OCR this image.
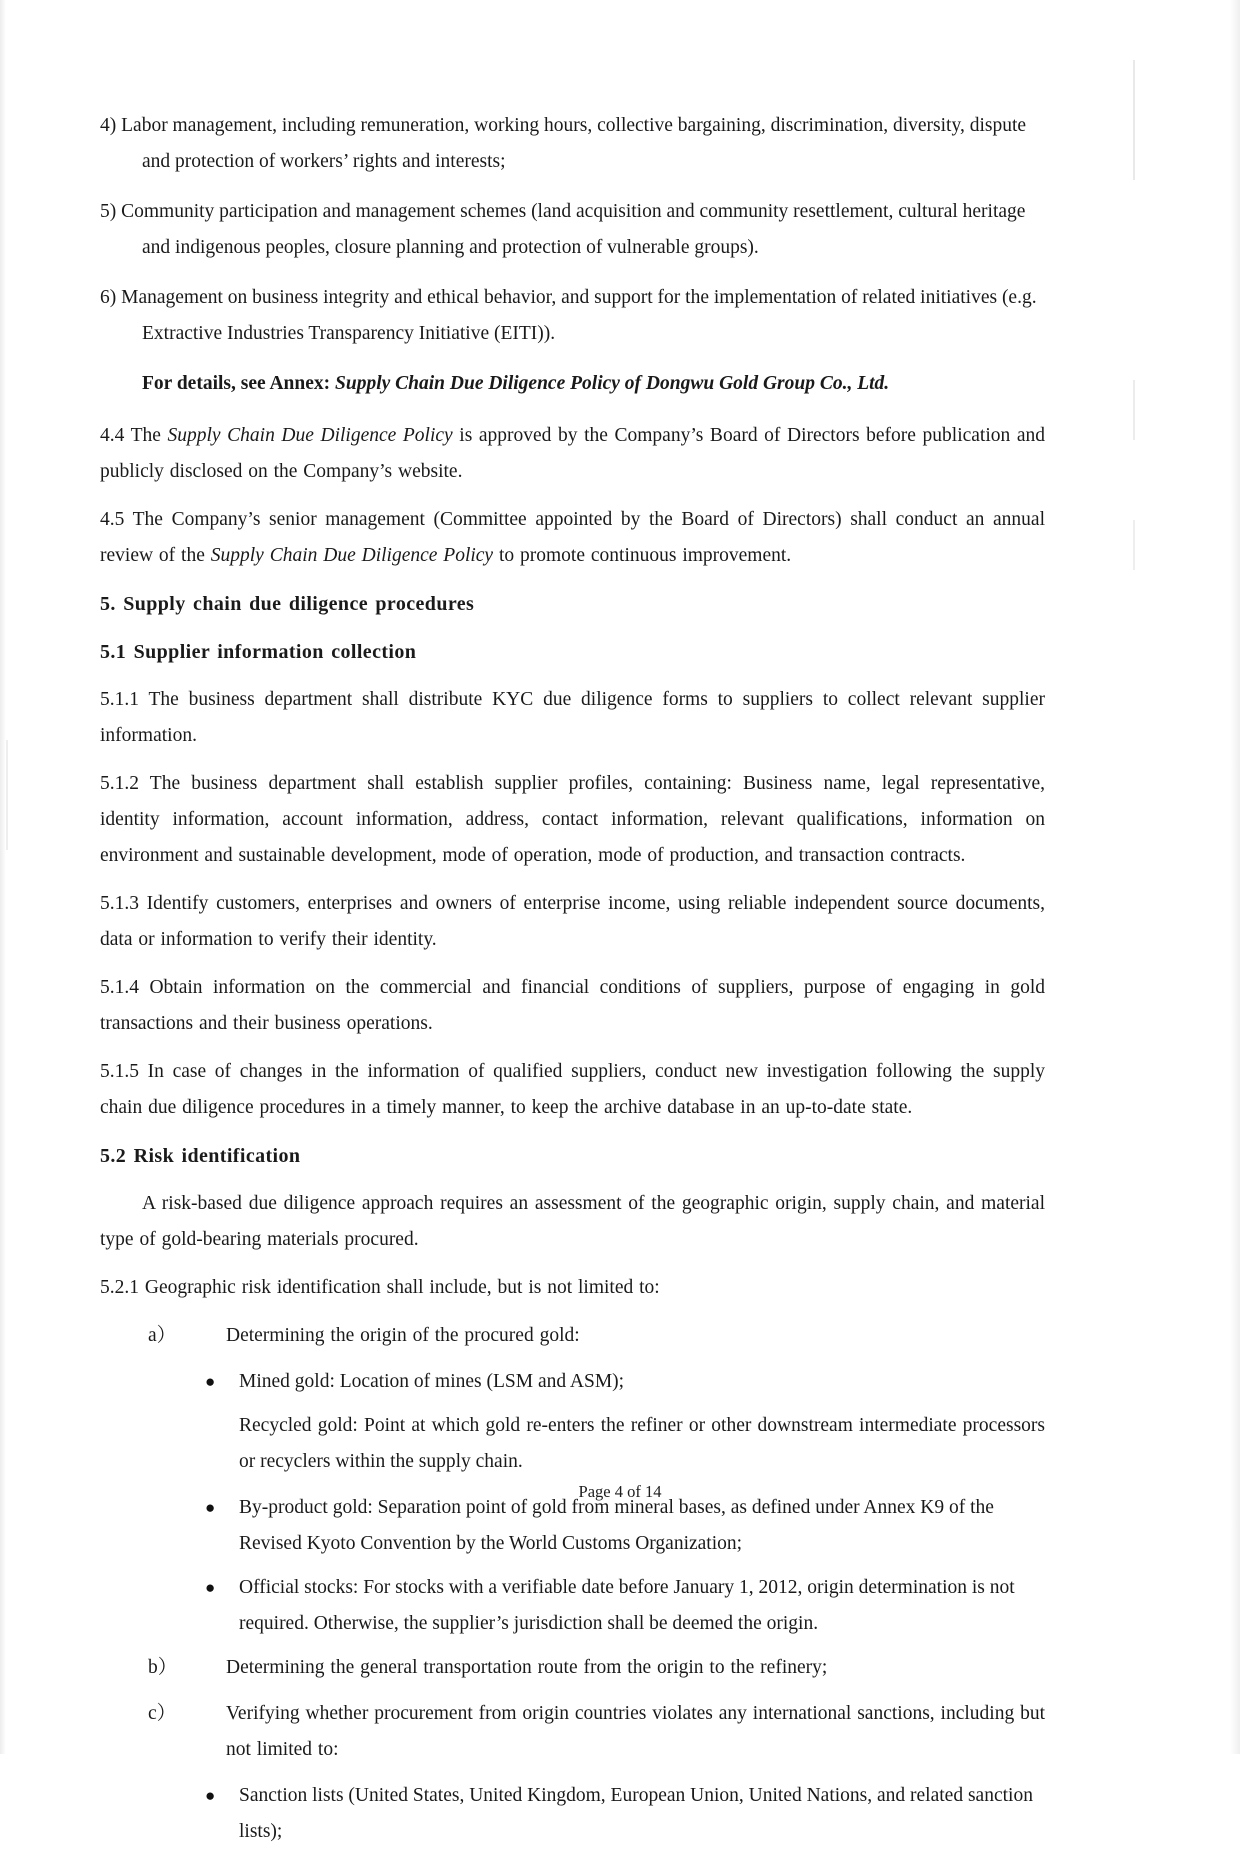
4) Labor management, including remuneration, working hours, collective bargaining, discrimination, diversity, dispute and protection of workers’ rights and interests;

5) Community participation and management schemes (land acquisition and community resettlement, cultural heritage and indigenous peoples, closure planning and protection of vulnerable groups).

6) Management on business integrity and ethical behavior, and support for the implementation of related initiatives (e.g. Extractive Industries Transparency Initiative (EITI)).

For details, see Annex: Supply Chain Due Diligence Policy of Dongwu Gold Group Co., Ltd.

4.4 The Supply Chain Due Diligence Policy is approved by the Company’s Board of Directors before publication and publicly disclosed on the Company’s website.

4.5 The Company’s senior management (Committee appointed by the Board of Directors) shall conduct an annual review of the Supply Chain Due Diligence Policy to promote continuous improvement.

5. Supply chain due diligence procedures

5.1 Supplier information collection

5.1.1 The business department shall distribute KYC due diligence forms to suppliers to collect relevant supplier information.

5.1.2 The business department shall establish supplier profiles, containing: Business name, legal representative, identity information, account information, address, contact information, relevant qualifications, information on environment and sustainable development, mode of operation, mode of production, and transaction contracts.

5.1.3 Identify customers, enterprises and owners of enterprise income, using reliable independent source documents, data or information to verify their identity.

5.1.4 Obtain information on the commercial and financial conditions of suppliers, purpose of engaging in gold transactions and their business operations.

5.1.5 In case of changes in the information of qualified suppliers, conduct new investigation following the supply chain due diligence procedures in a timely manner, to keep the archive database in an up-to-date state.

5.2 Risk identification

A risk-based due diligence approach requires an assessment of the geographic origin, supply chain, and material type of gold-bearing materials procured.

5.2.1 Geographic risk identification shall include, but is not limited to:

a）	Determining the origin of the procured gold:
●	Mined gold: Location of mines (LSM and ASM);
Recycled gold: Point at which gold re-enters the refiner or other downstream intermediate processors or recyclers within the supply chain.
●	By-product gold: Separation point of gold from mineral bases, as defined under Annex K9 of the Revised Kyoto Convention by the World Customs Organization;
●	Official stocks: For stocks with a verifiable date before January 1, 2012, origin determination is not required. Otherwise, the supplier’s jurisdiction shall be deemed the origin.
b）	Determining the general transportation route from the origin to the refinery;
c）	Verifying whether procurement from origin countries violates any international sanctions, including but not limited to:
●	Sanction lists (United States, United Kingdom, European Union, United Nations, and related sanction lists);
Page 4 of 14
